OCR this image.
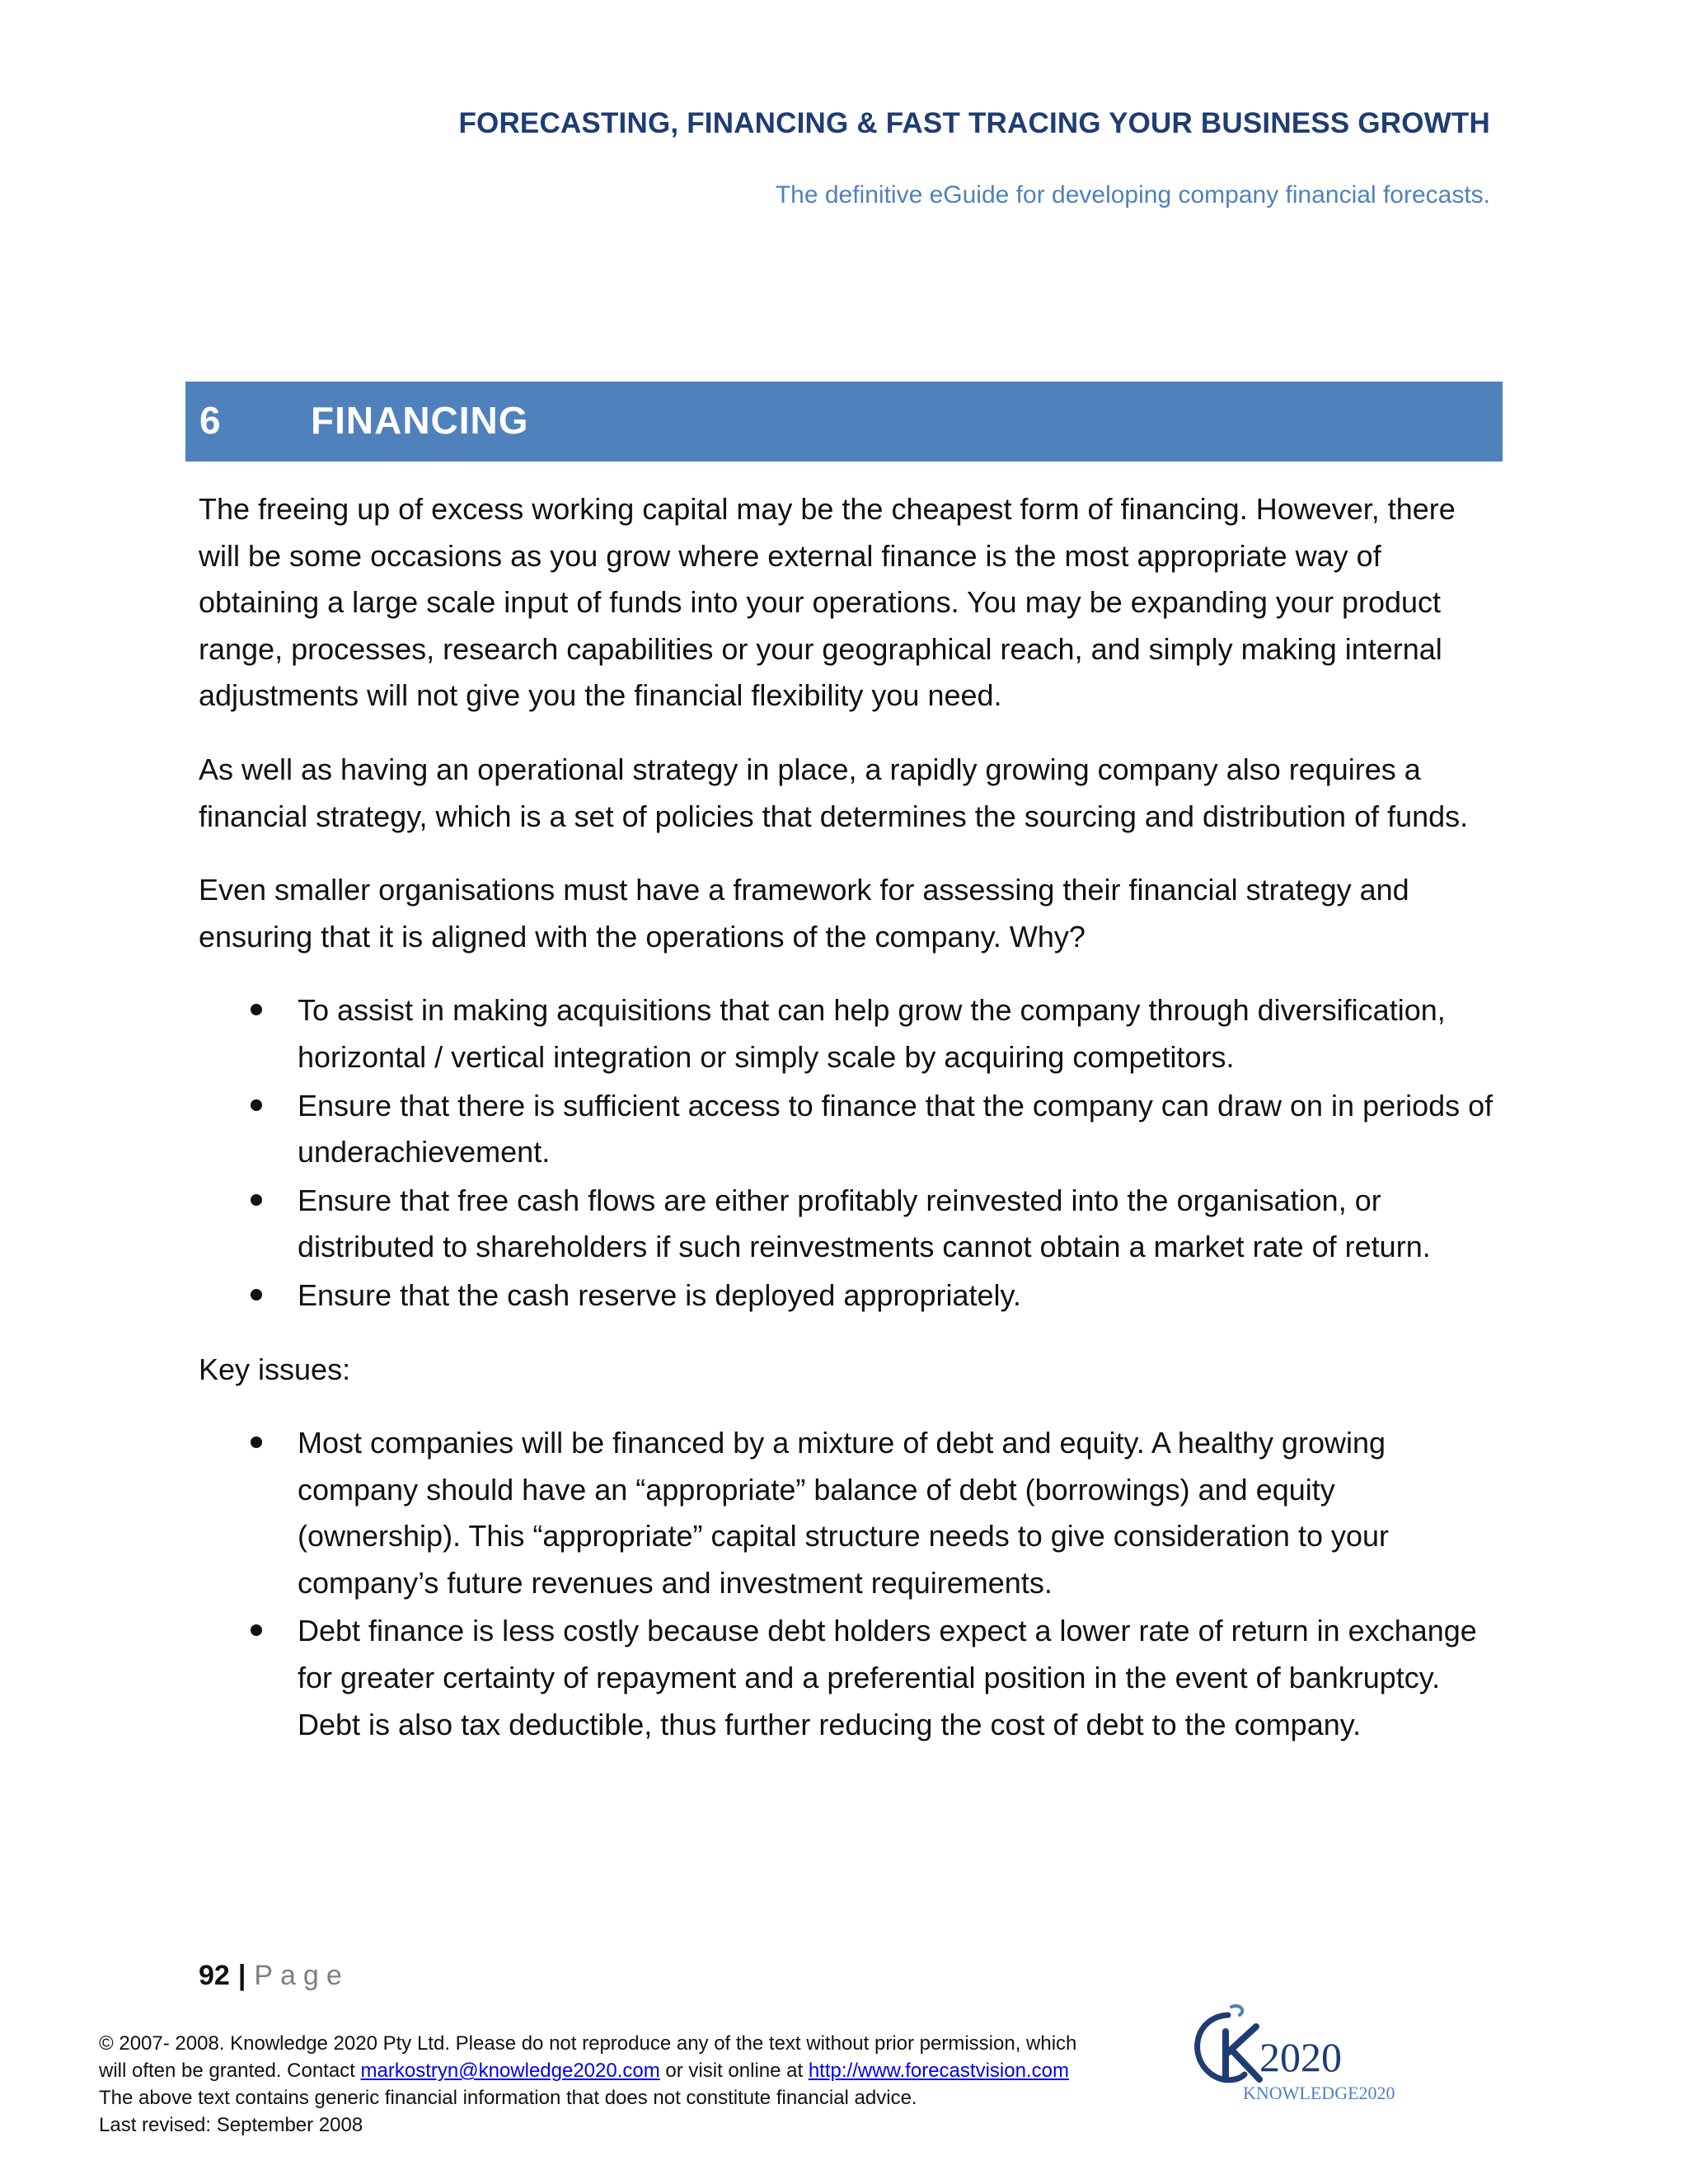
FORECASTING, FINANCING & FAST TRACING YOUR BUSINESS GROWTH
The definitive eGuide for developing company financial forecasts.
6 FINANCING

The freeing up of excess working capital may be the cheapest form of financing. However, there will be some occasions as you grow where external finance is the most appropriate way of obtaining a large scale input of funds into your operations. You may be expanding your product range, processes, research capabilities or your geographical reach, and simply making internal adjustments will not give you the financial flexibility you need.

As well as having an operational strategy in place, a rapidly growing company also requires a financial strategy, which is a set of policies that determines the sourcing and distribution of funds.

Even smaller organisations must have a framework for assessing their financial strategy and ensuring that it is aligned with the operations of the company. Why?

To assist in making acquisitions that can help grow the company through diversification, horizontal / vertical integration or simply scale by acquiring competitors.
Ensure that there is sufficient access to finance that the company can draw on in periods of underachievement.
Ensure that free cash flows are either profitably reinvested into the organisation, or distributed to shareholders if such reinvestments cannot obtain a market rate of return.
Ensure that the cash reserve is deployed appropriately.

Key issues:

Most companies will be financed by a mixture of debt and equity. A healthy growing company should have an “appropriate” balance of debt (borrowings) and equity (ownership). This “appropriate” capital structure needs to give consideration to your company’s future revenues and investment requirements.
Debt finance is less costly because debt holders expect a lower rate of return in exchange for greater certainty of repayment and a preferential position in the event of bankruptcy. Debt is also tax deductible, thus further reducing the cost of debt to the company.
92 | Page
© 2007- 2008. Knowledge 2020 Pty Ltd. Please do not reproduce any of the text without prior permission, which
will often be granted. Contact markostryn@knowledge2020.com or visit online at http://www.forecastvision.com
The above text contains generic financial information that does not constitute financial advice.
Last revised: September 2008
2020
KNOWLEDGE2020
